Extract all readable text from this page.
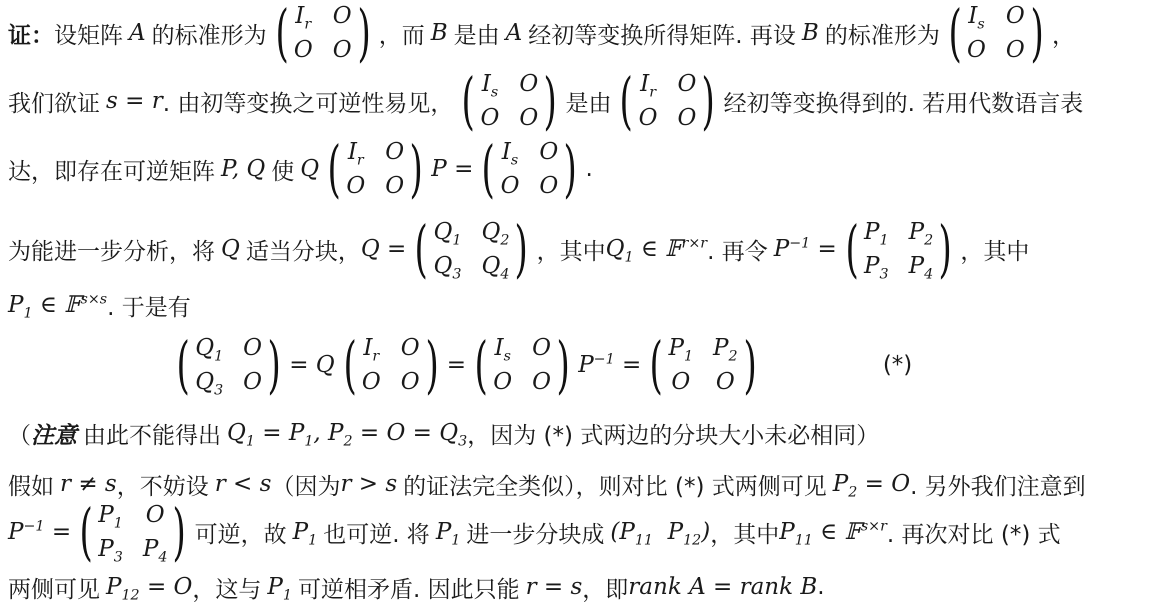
证： 设矩阵 A 的标准形为 ( $I_r$ O
O O ) ，而 B 是由 A 经初等变换所得矩阵. 再设 B 的标准形为 ( $I_s$ O
O O ) ，
我们欲证 s = r . 由初等变换之可逆性易见， ( $I_s$ O
O O ) 是由 ( $I_r$ O
O O ) 经初等变换得到的. 若用代数语言表
达，即存在可逆矩阵 P, Q 使 Q ( $I_r$ O
O O ) P = ( $I_s$ O
O O ) .
为能进一步分析，将 Q 适当分块， Q = ( $Q_1$ $Q_2$
$Q_3$ $Q_4$ ) ，其中 $Q_1$ ∈ 𝔽$^{r\times r}$ . 再令 $P^{-1}$ = ( $P_1$ $P_2$
$P_3$ $P_4$ ) ，其中
$P_1$ ∈ 𝔽$^{s\times s}$ . 于是有
( $Q_1$ O
$Q_3$ O ) = Q ( $I_r$ O
O O ) = ( $I_s$ O
O O ) $P^{-1}$ = ( $P_1$ $P_2$
O O )	(*)
（ 注意 由此不能得出 $Q_1 = P_1$, $P_2 = O = Q_3$ ，因为 (*) 式两边的分块大小未必相同）
假如 r ≠ s ，不妨设 r < s （因为 r > s 的证法完全类似），则对比 (*) 式两侧可见 $P_2 = O$ . 另外我们注意到
$P^{-1}$ = ( $P_1$ O
$P_3$ $P_4$ ) 可逆，故 $P_1$ 也可逆. 将 $P_1$ 进一步分块成 ($P_{11}$  $P_{12}$) ，其中 $P_{11}$ ∈ 𝔽$^{s\times r}$ . 再次对比 (*) 式
两侧可见 $P_{12} = O$ ，这与 $P_1$ 可逆相矛盾. 因此只能 r = s ，即 rank A = rank B .
